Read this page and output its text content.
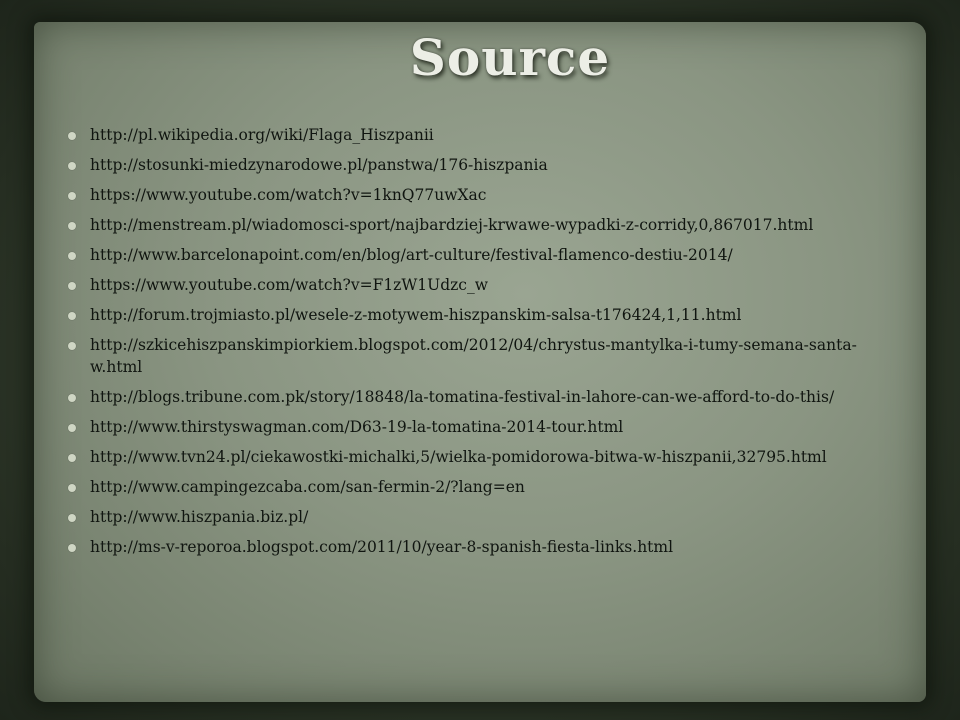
Source
http://pl.wikipedia.org/wiki/Flaga_Hiszpanii
http://stosunki-miedzynarodowe.pl/panstwa/176-hiszpania
https://www.youtube.com/watch?v=1knQ77uwXac
http://menstream.pl/wiadomosci-sport/najbardziej-krwawe-wypadki-z-corridy,0,867017.html
http://www.barcelonapoint.com/en/blog/art-culture/festival-flamenco-destiu-2014/
https://www.youtube.com/watch?v=F1zW1Udzc_w
http://forum.trojmiasto.pl/wesele-z-motywem-hiszpanskim-salsa-t176424,1,11.html
http://szkicehiszpanskimpiorkiem.blogspot.com/2012/04/chrystus-mantylka-i-tumy-semana-santa-w.html
http://blogs.tribune.com.pk/story/18848/la-tomatina-festival-in-lahore-can-we-afford-to-do-this/
http://www.thirstyswagman.com/D63-19-la-tomatina-2014-tour.html
http://www.tvn24.pl/ciekawostki-michalki,5/wielka-pomidorowa-bitwa-w-hiszpanii,32795.html
http://www.campingezcaba.com/san-fermin-2/?lang=en
http://www.hiszpania.biz.pl/
http://ms-v-reporoa.blogspot.com/2011/10/year-8-spanish-fiesta-links.html
